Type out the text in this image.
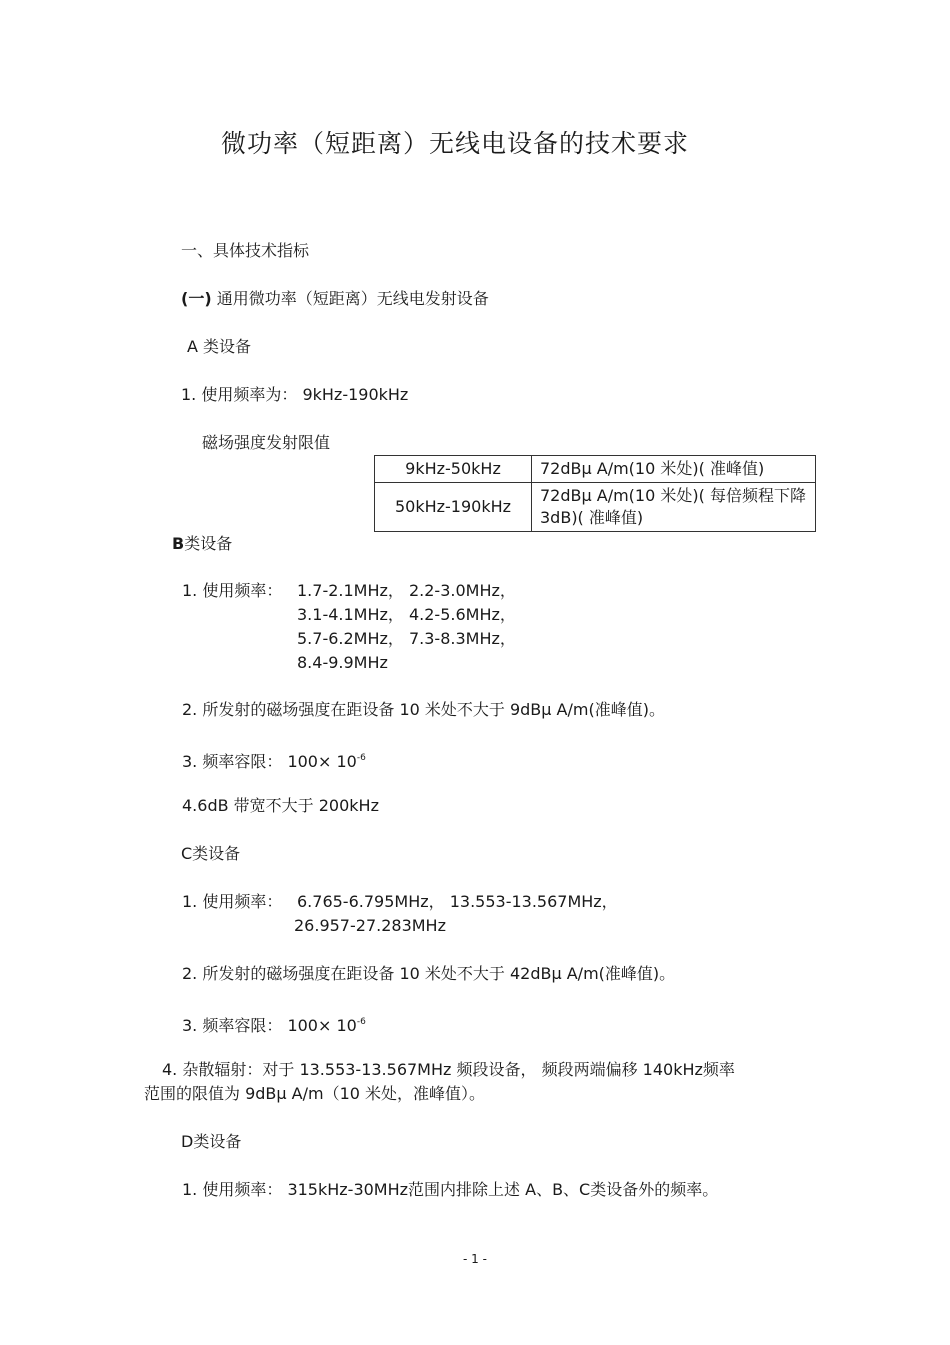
微功率（短距离）无线电设备的技术要求
一、具体技术指标
(一) 通用微功率（短距离）无线电发射设备
A 类设备
1. 使用频率为： 9kHz-190kHz
磁场强度发射限值
9kHz-50kHz	72dBμ A/m(10 米处)( 准峰值)
50kHz-190kHz	72dBμ A/m(10 米处)( 每倍频程下降 3dB)( 准峰值)
B类设备
1. 使用频率： 1.7-2.1MHz， 2.2-3.0MHz，
3.1-4.1MHz， 4.2-5.6MHz，
5.7-6.2MHz， 7.3-8.3MHz，
8.4-9.9MHz
2. 所发射的磁场强度在距设备 10 米处不大于 9dBμ A/m(准峰值)。
3. 频率容限： $100\times 10^{-6}$
4.6dB 带宽不大于 200kHz
C类设备
1. 使用频率： 6.765-6.795MHz， 13.553-13.567MHz，
26.957-27.283MHz
2. 所发射的磁场强度在距设备 10 米处不大于 42dBμ A/m(准峰值)。
3. 频率容限： $100\times 10^{-6}$
4. 杂散辐射：对于 13.553-13.567MHz 频段设备， 频段两端偏移 140kHz频率
范围的限值为 9dBμ A/m（10 米处，准峰值）。
D类设备
1. 使用频率： 315kHz-30MHz范围内排除上述 A、B、C类设备外的频率。
- 1 -
